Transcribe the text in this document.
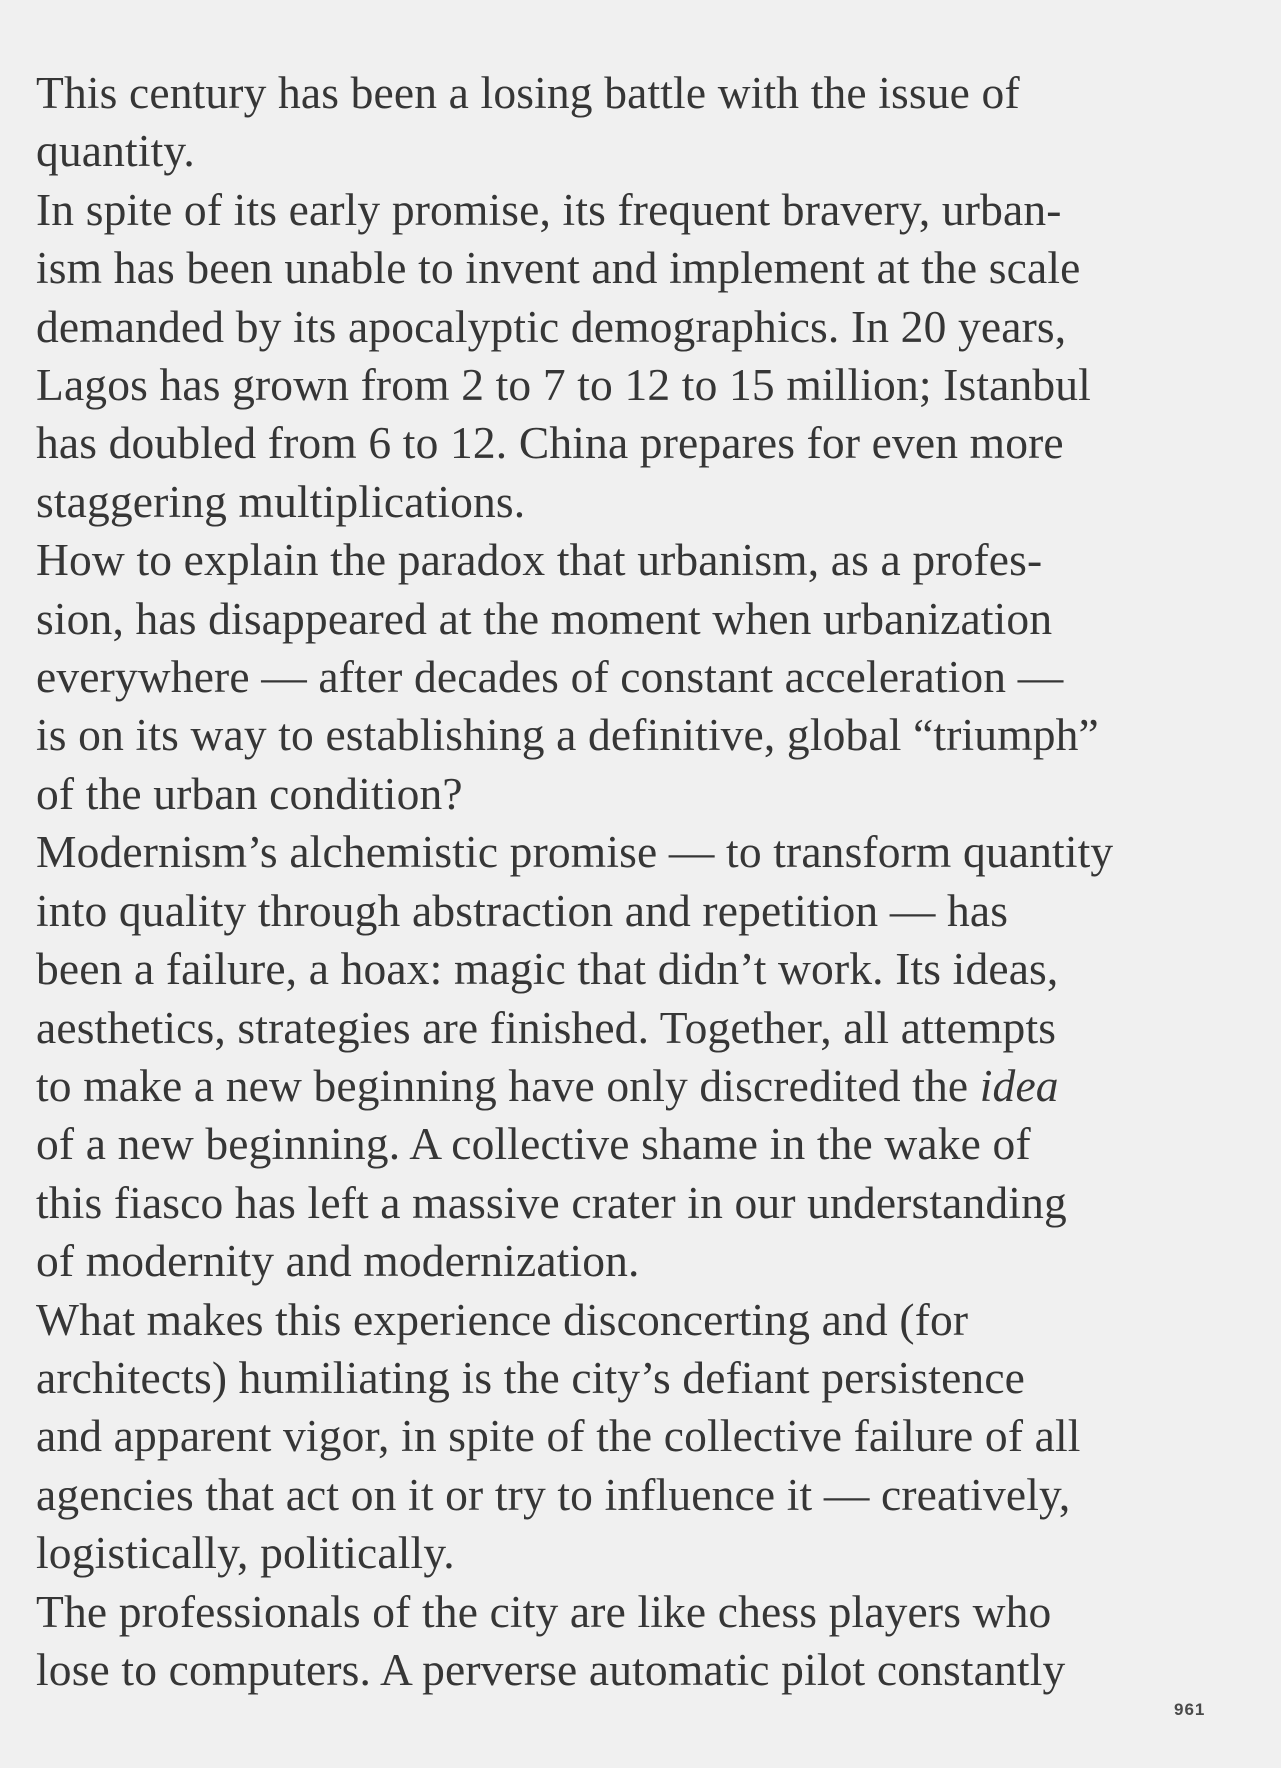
This century has been a losing battle with the issue of
quantity.

In spite of its early promise, its frequent bravery, urban-
ism has been unable to invent and implement at the scale
demanded by its apocalyptic demographics. In 20 years,
Lagos has grown from 2 to 7 to 12 to 15 million; Istanbul
has doubled from 6 to 12. China prepares for even more
staggering multiplications.

How to explain the paradox that urbanism, as a profes-
sion, has disappeared at the moment when urbanization
everywhere — after decades of constant acceleration —
is on its way to establishing a definitive, global “triumph”
of the urban condition?

Modernism’s alchemistic promise — to transform quantity
into quality through abstraction and repetition — has
been a failure, a hoax: magic that didn’t work. Its ideas,
aesthetics, strategies are finished. Together, all attempts
to make a new beginning have only discredited the idea
of a new beginning. A collective shame in the wake of
this fiasco has left a massive crater in our understanding
of modernity and modernization.

What makes this experience disconcerting and (for
architects) humiliating is the city’s defiant persistence
and apparent vigor, in spite of the collective failure of all
agencies that act on it or try to influence it — creatively,
logistically, politically.

The professionals of the city are like chess players who
lose to computers. A perverse automatic pilot constantly

961
